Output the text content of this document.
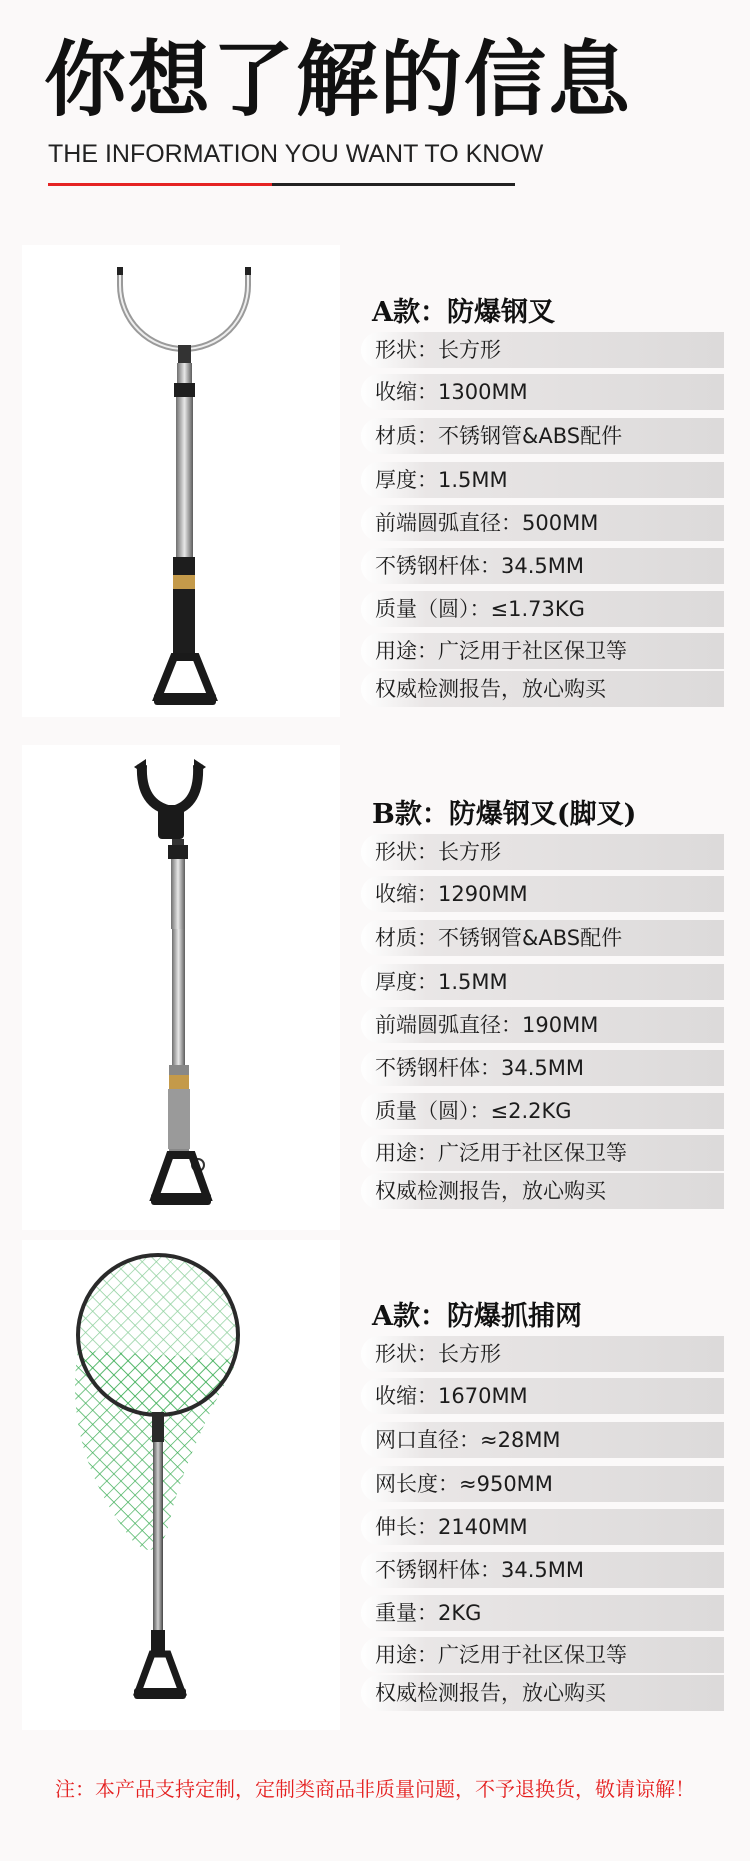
你想了解的信息
THE INFORMATION YOU WANT TO KNOW
A款：防爆钢叉
形状：长方形
收缩：1300MM
材质：不锈钢管&ABS配件
厚度：1.5MM
前端圆弧直径：500MM
不锈钢杆体：34.5MM
质量（圆）：≤1.73KG
用途：广泛用于社区保卫等
权威检测报告，放心购买
B款：防爆钢叉(脚叉)
形状：长方形
收缩：1290MM
材质：不锈钢管&ABS配件
厚度：1.5MM
前端圆弧直径：190MM
不锈钢杆体：34.5MM
质量（圆）：≤2.2KG
用途：广泛用于社区保卫等
权威检测报告，放心购买
A款：防爆抓捕网
形状：长方形
收缩：1670MM
网口直径：≈28MM
网长度：≈950MM
伸长：2140MM
不锈钢杆体：34.5MM
重量：2KG
用途：广泛用于社区保卫等
权威检测报告，放心购买
注：本产品支持定制，定制类商品非质量问题，不予退换货，敬请谅解！
